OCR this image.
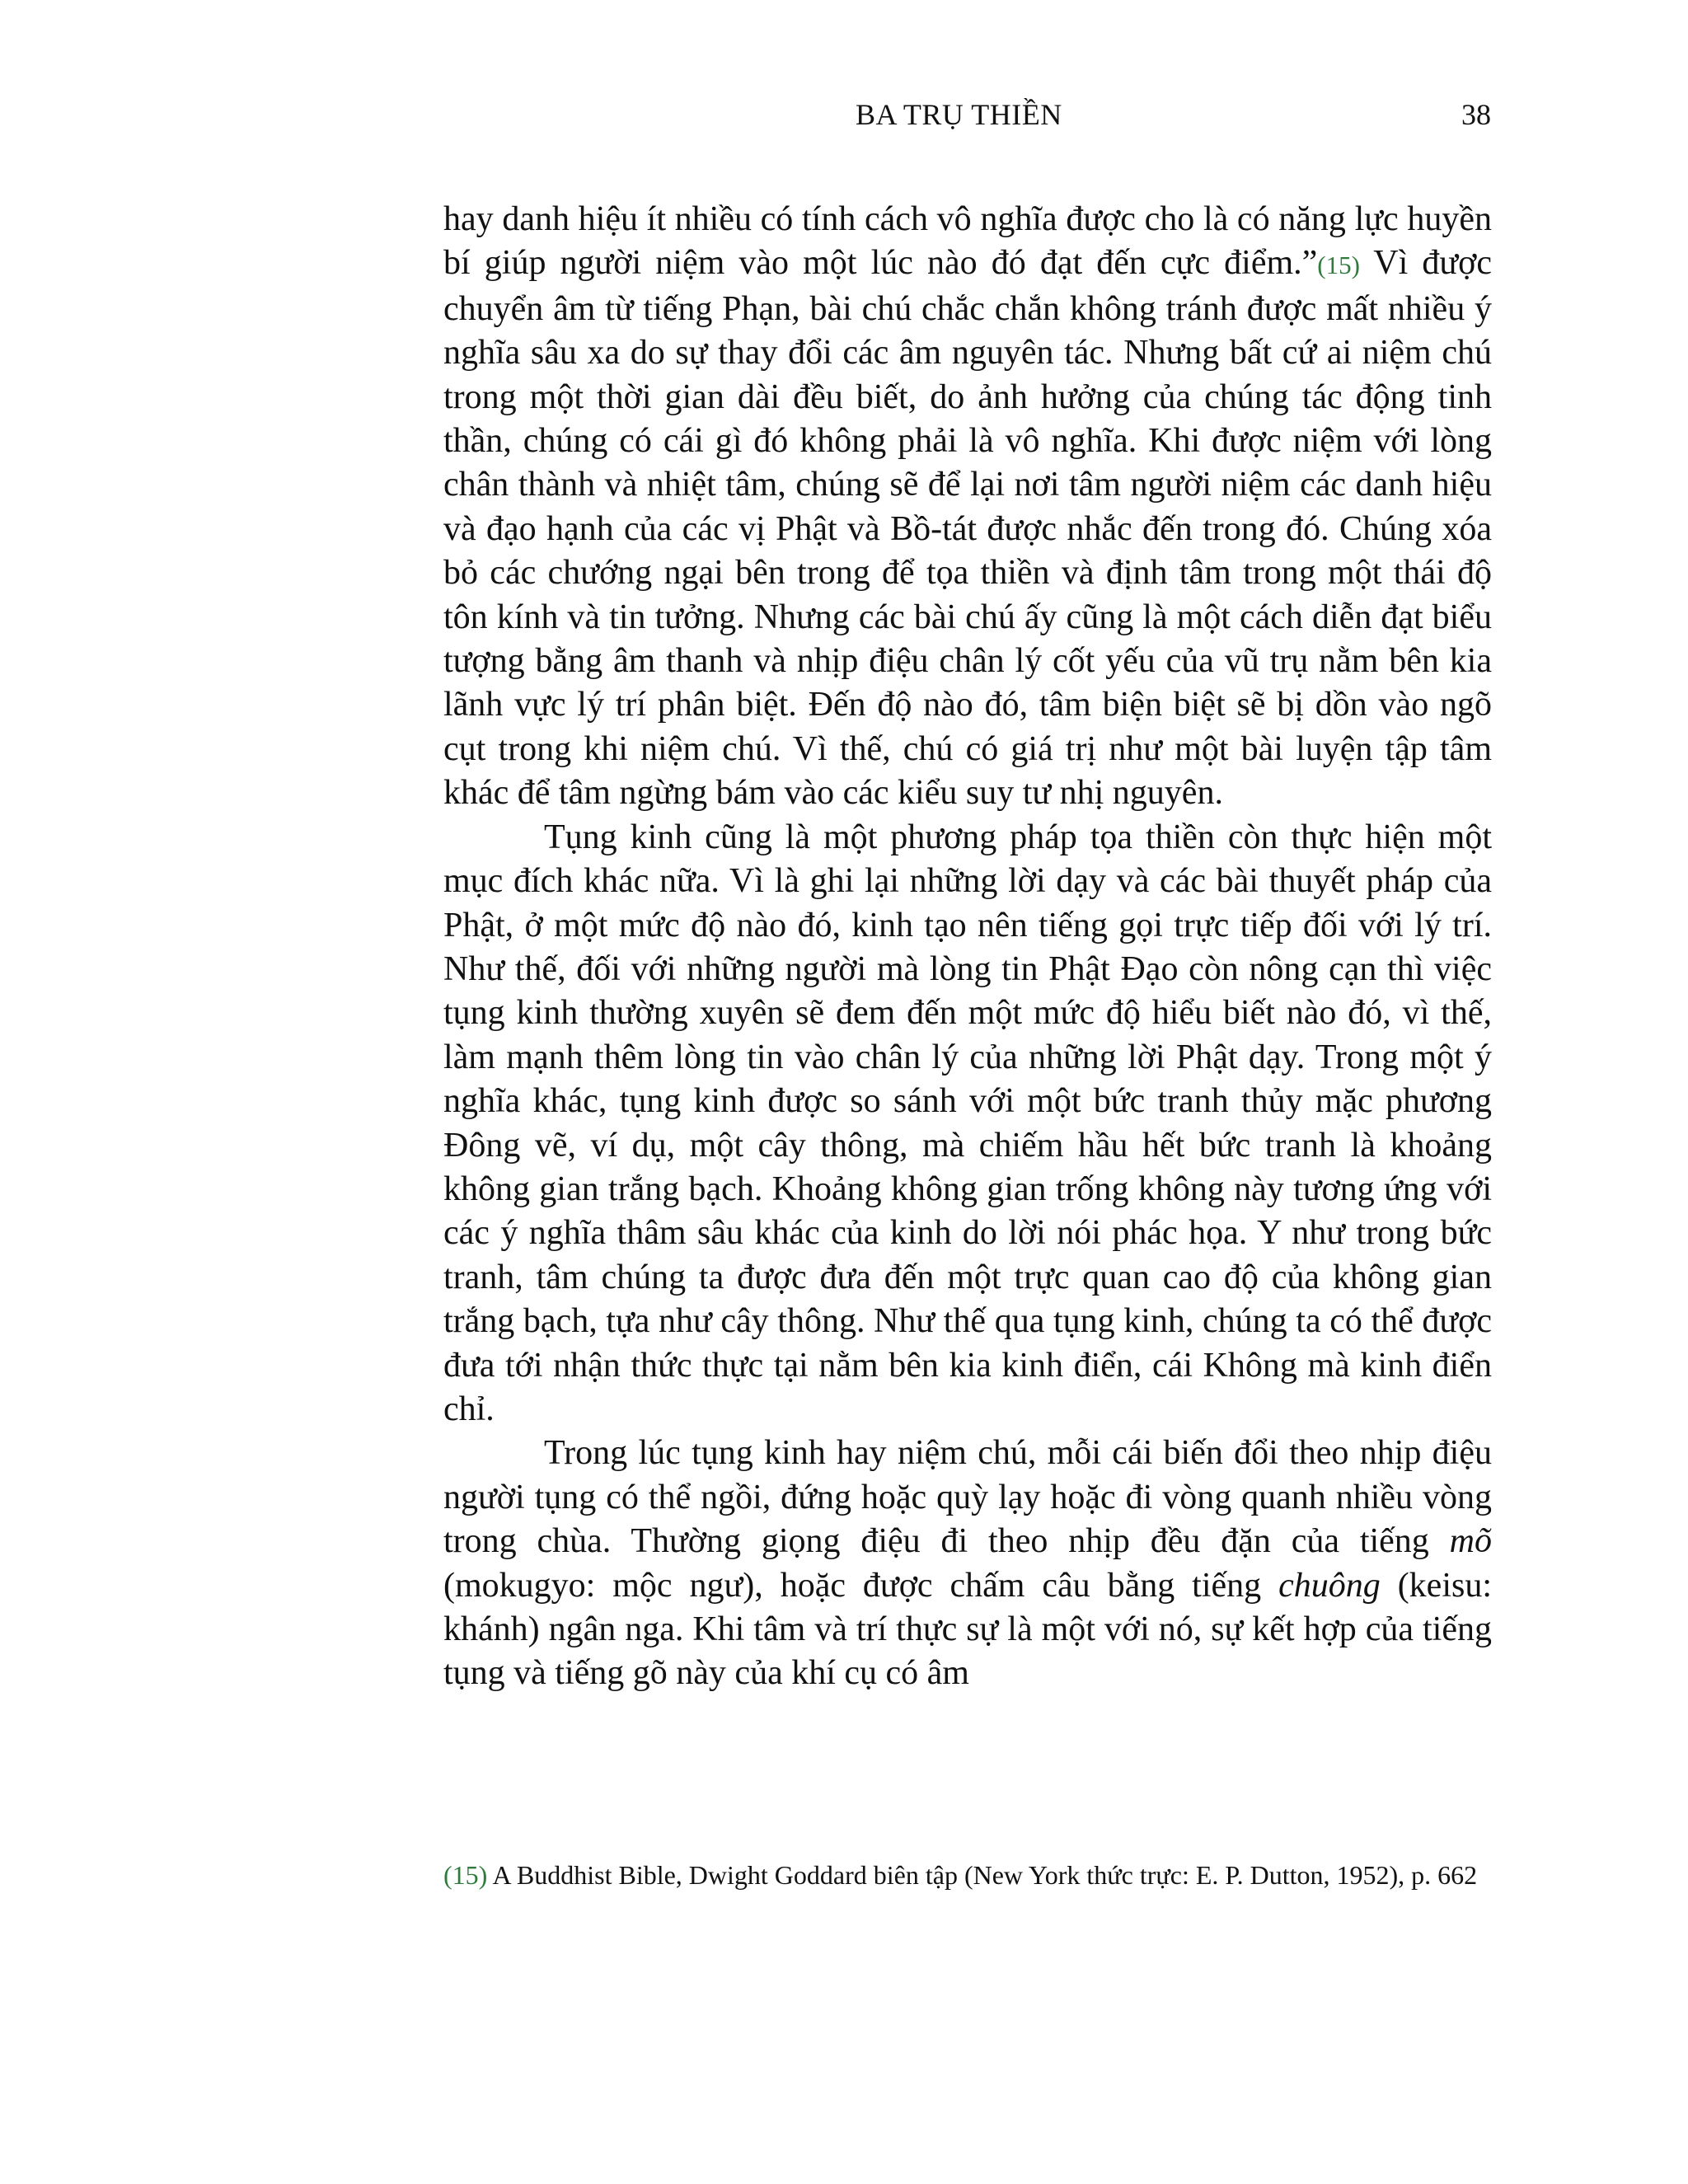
BA TRỤ THIỀN	38

hay danh hiệu ít nhiều có tính cách vô nghĩa được cho là có năng lực huyền bí giúp người niệm vào một lúc nào đó đạt đến cực điểm.”(15) Vì được chuyển âm từ tiếng Phạn, bài chú chắc chắn không tránh được mất nhiều ý nghĩa sâu xa do sự thay đổi các âm nguyên tác. Nhưng bất cứ ai niệm chú trong một thời gian dài đều biết, do ảnh hưởng của chúng tác động tinh thần, chúng có cái gì đó không phải là vô nghĩa. Khi được niệm với lòng chân thành và nhiệt tâm, chúng sẽ để lại nơi tâm người niệm các danh hiệu và đạo hạnh của các vị Phật và Bồ-tát được nhắc đến trong đó. Chúng xóa bỏ các chướng ngại bên trong để tọa thiền và định tâm trong một thái độ tôn kính và tin tưởng. Nhưng các bài chú ấy cũng là một cách diễn đạt biểu tượng bằng âm thanh và nhịp điệu chân lý cốt yếu của vũ trụ nằm bên kia lãnh vực lý trí phân biệt. Đến độ nào đó, tâm biện biệt sẽ bị dồn vào ngõ cụt trong khi niệm chú. Vì thế, chú có giá trị như một bài luyện tập tâm khác để tâm ngừng bám vào các kiểu suy tư nhị nguyên.

Tụng kinh cũng là một phương pháp tọa thiền còn thực hiện một mục đích khác nữa. Vì là ghi lại những lời dạy và các bài thuyết pháp của Phật, ở một mức độ nào đó, kinh tạo nên tiếng gọi trực tiếp đối với lý trí. Như thế, đối với những người mà lòng tin Phật Đạo còn nông cạn thì việc tụng kinh thường xuyên sẽ đem đến một mức độ hiểu biết nào đó, vì thế, làm mạnh thêm lòng tin vào chân lý của những lời Phật dạy. Trong một ý nghĩa khác, tụng kinh được so sánh với một bức tranh thủy mặc phương Đông vẽ, ví dụ, một cây thông, mà chiếm hầu hết bức tranh là khoảng không gian trắng bạch. Khoảng không gian trống không này tương ứng với các ý nghĩa thâm sâu khác của kinh do lời nói phác họa. Y như trong bức tranh, tâm chúng ta được đưa đến một trực quan cao độ của không gian trắng bạch, tựa như cây thông. Như thế qua tụng kinh, chúng ta có thể được đưa tới nhận thức thực tại nằm bên kia kinh điển, cái Không mà kinh điển chỉ.

Trong lúc tụng kinh hay niệm chú, mỗi cái biến đổi theo nhịp điệu người tụng có thể ngồi, đứng hoặc quỳ lạy hoặc đi vòng quanh nhiều vòng trong chùa. Thường giọng điệu đi theo nhịp đều đặn của tiếng mõ (mokugyo: mộc ngư), hoặc được chấm câu bằng tiếng chuông (keisu: khánh) ngân nga. Khi tâm và trí thực sự là một với nó, sự kết hợp của tiếng tụng và tiếng gõ này của khí cụ có âm

(15) A Buddhist Bible, Dwight Goddard biên tập (New York thức trực: E. P. Dutton, 1952), p. 662
